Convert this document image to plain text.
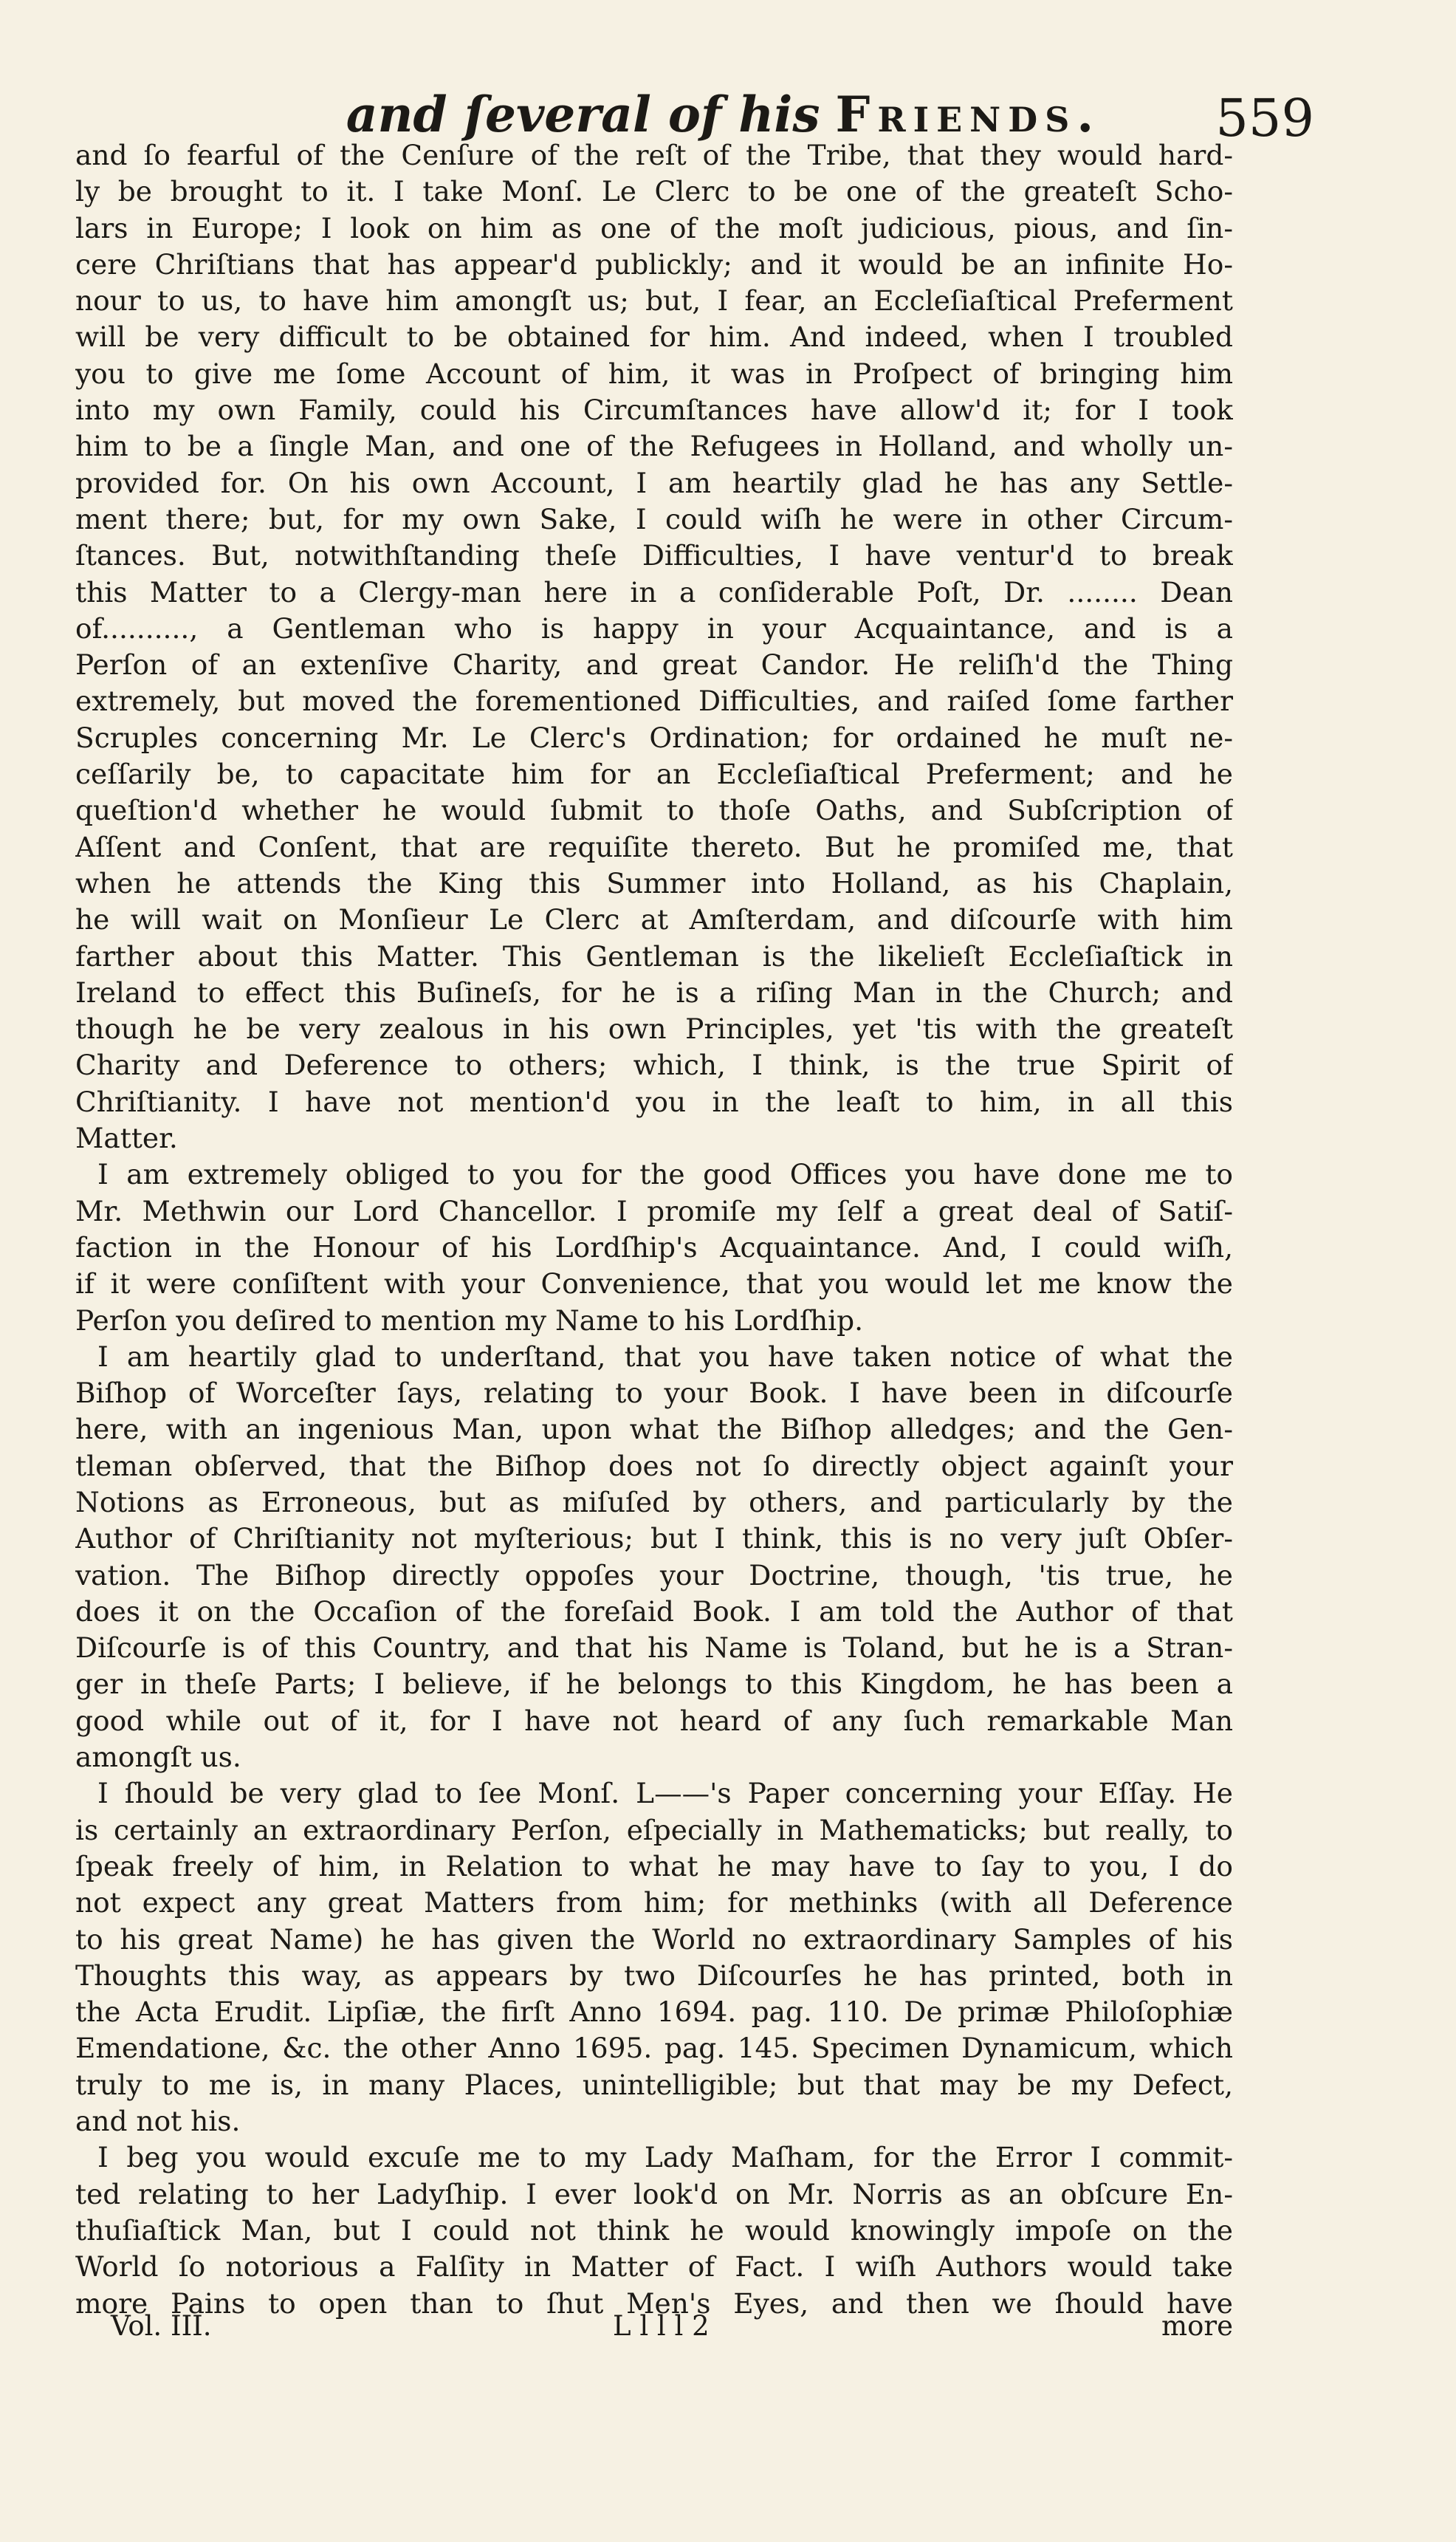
and ſeveral of his Friends.	559
and ſo fearful of the Cenſure of the reſt of the Tribe, that they would hard-
ly be brought to it. I take Monſ. Le Clerc to be one of the greateſt Scho-
lars in Europe; I look on him as one of the moſt judicious, pious, and ſin-
cere Chriſtians that has appear'd publickly; and it would be an infinite Ho-
nour to us, to have him amongſt us; but, I fear, an Eccleſiaſtical Preferment
will be very difficult to be obtained for him. And indeed, when I troubled
you to give me ſome Account of him, it was in Proſpect of bringing him
into my own Family, could his Circumſtances have allow'd it; for I took
him to be a ſingle Man, and one of the Refugees in Holland, and wholly un-
provided for. On his own Account, I am heartily glad he has any Settle-
ment there; but, for my own Sake, I could wiſh he were in other Circum-
ſtances. But, notwithſtanding theſe Difficulties, I have ventur'd to break
this Matter to a Clergy-man here in a conſiderable Poſt, Dr. ........ Dean
of.........., a Gentleman who is happy in your Acquaintance, and is a
Perſon of an extenſive Charity, and great Candor. He reliſh'd the Thing
extremely, but moved the forementioned Difficulties, and raiſed ſome farther
Scruples concerning Mr. Le Clerc's Ordination; for ordained he muſt ne-
ceſſarily be, to capacitate him for an Eccleſiaſtical Preferment; and he
queſtion'd whether he would ſubmit to thoſe Oaths, and Subſcription of
Aſſent and Conſent, that are requiſite thereto. But he promiſed me, that
when he attends the King this Summer into Holland, as his Chaplain,
he will wait on Monſieur Le Clerc at Amſterdam, and diſcourſe with him
farther about this Matter. This Gentleman is the likelieſt Eccleſiaſtick in
Ireland to effect this Buſineſs, for he is a riſing Man in the Church; and
though he be very zealous in his own Principles, yet 'tis with the greateſt
Charity and Deference to others; which, I think, is the true Spirit of
Chriſtianity. I have not mention'd you in the leaſt to him, in all this
Matter.
I am extremely obliged to you for the good Offices you have done me to
Mr. Methwin our Lord Chancellor. I promiſe my ſelf a great deal of Satiſ-
faction in the Honour of his Lordſhip's Acquaintance. And, I could wiſh,
if it were conſiſtent with your Convenience, that you would let me know the
Perſon you deſired to mention my Name to his Lordſhip.
I am heartily glad to underſtand, that you have taken notice of what the
Biſhop of Worceſter ſays, relating to your Book. I have been in diſcourſe
here, with an ingenious Man, upon what the Biſhop alledges; and the Gen-
tleman obſerved, that the Biſhop does not ſo directly object againſt your
Notions as Erroneous, but as miſuſed by others, and particularly by the
Author of Chriſtianity not myſterious; but I think, this is no very juſt Obſer-
vation. The Biſhop directly oppoſes your Doctrine, though, 'tis true, he
does it on the Occaſion of the foreſaid Book. I am told the Author of that
Diſcourſe is of this Country, and that his Name is Toland, but he is a Stran-
ger in theſe Parts; I believe, if he belongs to this Kingdom, he has been a
good while out of it, for I have not heard of any ſuch remarkable Man
amongſt us.
I ſhould be very glad to ſee Monſ. L——'s Paper concerning your Eſſay. He
is certainly an extraordinary Perſon, eſpecially in Mathematicks; but really, to
ſpeak freely of him, in Relation to what he may have to ſay to you, I do
not expect any great Matters from him; for methinks (with all Deference
to his great Name) he has given the World no extraordinary Samples of his
Thoughts this way, as appears by two Diſcourſes he has printed, both in
the Acta Erudit. Lipſiæ, the firſt Anno 1694. pag. 110. De primæ Philoſophiæ
Emendatione, &c. the other Anno 1695. pag. 145. Specimen Dynamicum, which
truly to me is, in many Places, unintelligible; but that may be my Defect,
and not his.
I beg you would excuſe me to my Lady Maſham, for the Error I commit-
ted relating to her Ladyſhip. I ever look'd on Mr. Norris as an obſcure En-
thuſiaſtick Man, but I could not think he would knowingly impoſe on the
World ſo notorious a Falſity in Matter of Fact. I wiſh Authors would take
more Pains to open than to ſhut Men's Eyes, and then we ſhould have
Vol. III.	L l l l 2	more
